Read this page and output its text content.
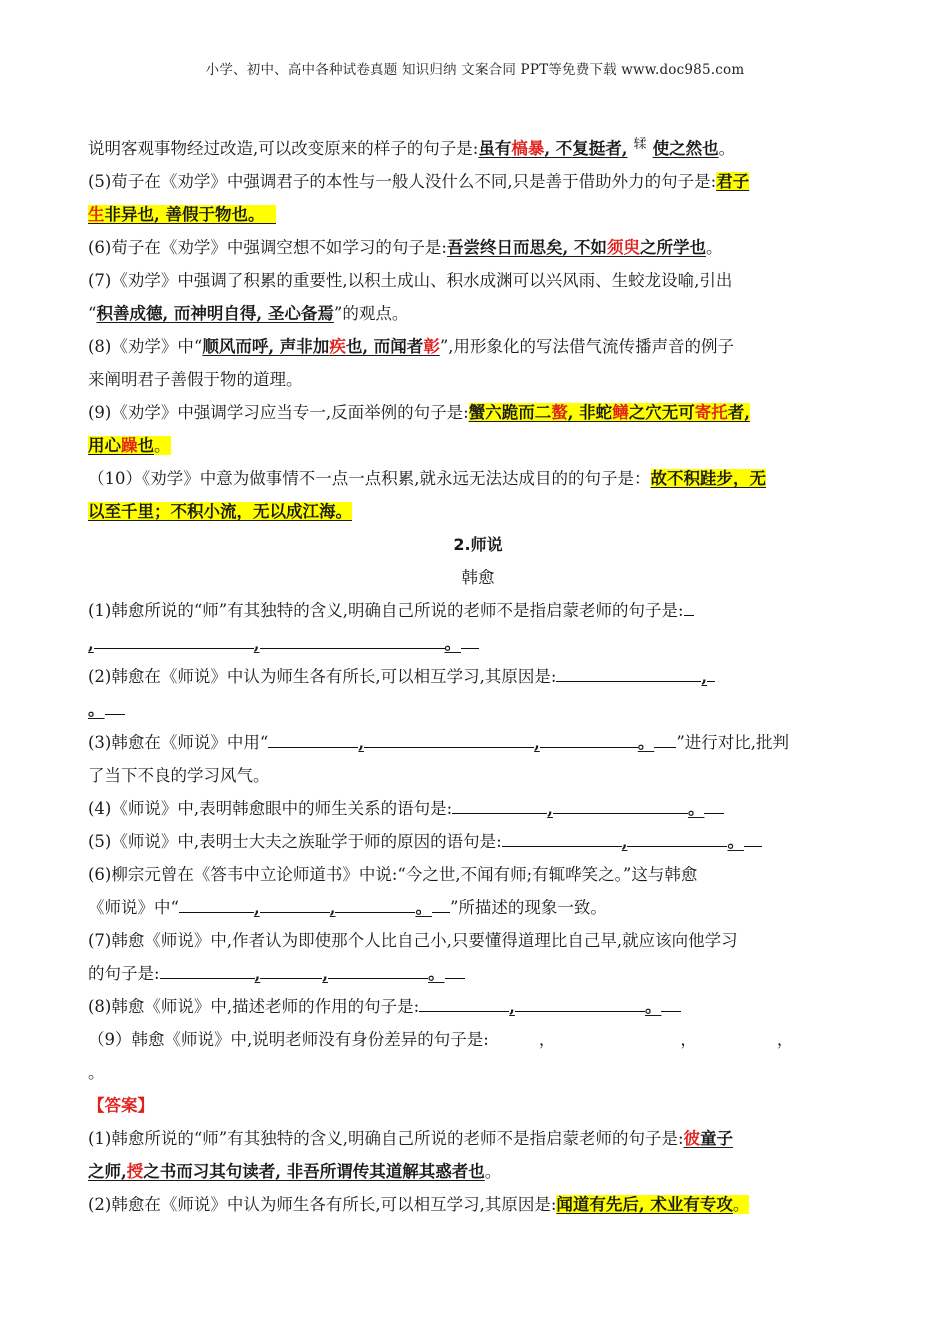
小学、初中、高中各种试卷真题 知识归纳 文案合同 PPT等免费下载 www.doc985.com

说明客观事物经过改造,可以改变原来的样子的句子是:虽有槁暴, 不复挺者, 𫐓 使之然也。

(5)荀子在《劝学》中强调君子的本性与一般人没什么不同,只是善于借助外力的句子是:君子
生非异也, 善假于物也。

(6)荀子在《劝学》中强调空想不如学习的句子是:吾尝终日而思矣, 不如须臾之所学也。

(7)《劝学》中强调了积累的重要性,以积土成山、积水成渊可以兴风雨、生蛟龙设喻,引出
“积善成德, 而神明自得, 圣心备焉”的观点。

(8)《劝学》中“顺风而呼, 声非加疾也, 而闻者彰”,用形象化的写法借气流传播声音的例子
来阐明君子善假于物的道理。

(9)《劝学》中强调学习应当专一,反面举例的句子是:蟹六跪而二螯, 非蛇鳝之穴无可寄托者,
用心躁也。

（10）《劝学》中意为做事情不一点一点积累,就永远无法达成目的的句子是：故不积跬步，无
以至千里；不积小流，无以成江海。

2.师说

韩愈

(1)韩愈所说的“师”有其独特的含义,明确自己所说的老师不是指启蒙老师的句子是:
,	,	。

(2)韩愈在《师说》中认为师生各有所长,可以相互学习,其原因是:	,
。

(3)韩愈在《师说》中用“	,	,	。 ”进行对比,批判
了当下不良的学习风气。

(4)《师说》中,表明韩愈眼中的师生关系的语句是:	,	。

(5)《师说》中,表明士大夫之族耻学于师的原因的语句是:	,	。

(6)柳宗元曾在《答韦中立论师道书》中说:“今之世,不闻有师;有辄哗笑之。”这与韩愈
《师说》中“	,	,	。 ”所描述的现象一致。

(7)韩愈《师说》中,作者认为即使那个人比自己小,只要懂得道理比自己早,就应该向他学习
的句子是:	,	,	。

(8)韩愈《师说》中,描述老师的作用的句子是:	,	。

（9）韩愈《师说》中,说明老师没有身份差异的句子是:	，	，	，
。

【答案】

(1)韩愈所说的“师”有其独特的含义,明确自己所说的老师不是指启蒙老师的句子是:彼童子
之师,授之书而习其句读者, 非吾所谓传其道解其惑者也。

(2)韩愈在《师说》中认为师生各有所长,可以相互学习,其原因是:闻道有先后, 术业有专攻。
